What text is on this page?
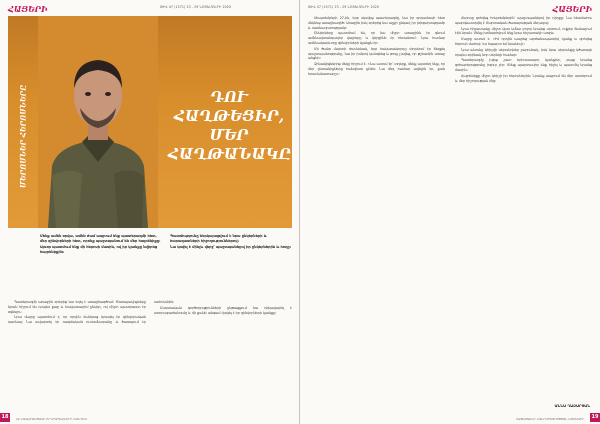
ՀԱՅԵՐԻ	ԹԻՎ 47 (1571) 23 - 29 ՆՈՅԵՄԲԵՐԻ 2020
ՄԵՐՈՍՆԵՐ ՀԵՐՈՍՆԵՐԸ	ԴՈՒ
ՀԱՂԹԵՑԻՐ,
ՄԵՐ
ՀԱՂԹԱՆԱԿԸ

Մենք ամեն օրվա, ամեն ժամ ապրում ենք պատերազմի հետ, մեր զինվորների հետ, որոնք պաշտպանում են մեր հայրենիքը։

Այսօր պատմում ենք մի հերոսի մասին, ով իր կյանքը նվիրեց հայրենիքին։

Պատմությունը ներկայացվում է նրա ընկերների և հարազատների հիշողություններով։

Նա կռվել է մինչև վերջ՝ պաշտպանելով իր ընկերներին և հողը։

Պատերազմի առաջին օրերից նա եղել է առաջնագծում։ Ծառայակիցները նրան հիշում են որպես քաջ և հավատարիմ ընկեր, ով միշտ պատրաստ էր օգնելու։

Նրա մայրը պատմում է, որ որդին մանկուց երազել էր զինվորական դառնալ։ Նա ավարտել էր ռազմական ուսումնարանը և ծառայում էր սահմանին։

Մարտական գործողությունների ընթացքում նա ղեկավարել է ստորաբաժանումը և մի քանի անգամ փրկել է իր զինվորների կյանքը։

18	22 ՀԱԶԱՐԱՄՅԱԿԻ ԵՐԿՐԱՊԱՀՆԵՐԻ ՀԱՆԴԵՍ
ԹԻՎ 47 (1571) 23 - 29 ՆՈՅԵՄԲԵՐԻ 2020	ՀԱՅԵՐԻ

Սեպտեմբերի 27-ին, երբ սկսվեց պատերազմը, նա իր զորամասի հետ մեկնեց առաջնագիծ։ Առաջին իսկ օրերից նա աչքի ընկավ իր խիզախությամբ և սառնասրտությամբ։

Ընկերները պատմում են, որ նա միշտ առաջինն էր գնում ամենավտանգավոր վայրերը և վերջինն էր հեռանում։ Նրա համար ամենակարևորը զինվորների կյանքն էր։

Մի ծանր մարտի ժամանակ, երբ հակառակորդը փորձում էր ճեղքել պաշտպանությունը, նա իր խմբով կանգնեց և թույլ չտվեց, որ թշնամին առաջ անցնի։

Զինակիցներից մեկը հիշում է. «Նա ասում էր՝ տղերք, մենք այստեղ ենք, որ մեր ընտանիքները հանգիստ քնեն։ Նա մեզ համար ավելին էր, քան հրամանատարը»։

Հերոսը զոհվեց հոկտեմբերին՝ պաշտպանելով իր դիրքը։ Նա հետմահու պարգևատրվել է Մարտական ծառայության մեդալով։

Նրա հիշատակը միշտ վառ կմնա բոլոր նրանց սրտում, ովքեր ճանաչում էին նրան։ Մենք խոնարհվում ենք նրա հիշատակի առջև։

Մայրը ասում է. «Իմ որդին ապրեց արժանապատիվ կյանք և զոհվեց հերոսի մահով։ Ես հպարտ եմ նրանով»։

Նրա անունը կհիշվի սերունդներ շարունակ, իսկ նրա սխրանքը կծառայի որպես օրինակ նոր սերնդի համար։

Պատերազմը խլեց շատ երիտասարդ կյանքեր, բայց նրանց զոհաբերությունը իզուր չէր։ Մենք պարտավոր ենք հիշել և պատմել նրանց մասին։

Հայրենիքը միշտ կհիշի իր հերոսներին։ Նրանք ապրում են մեր սրտերում և մեր հիշողության մեջ։

ԱՆՆԱ ՂԱԶԱՐՅԱՆ
ՀԱՅԱՍՏԱՆԻ ՀԱՆՐԱՊԵՏՈՒԹՅԱՆ ԱՄՍԱԳԻՐ	19
